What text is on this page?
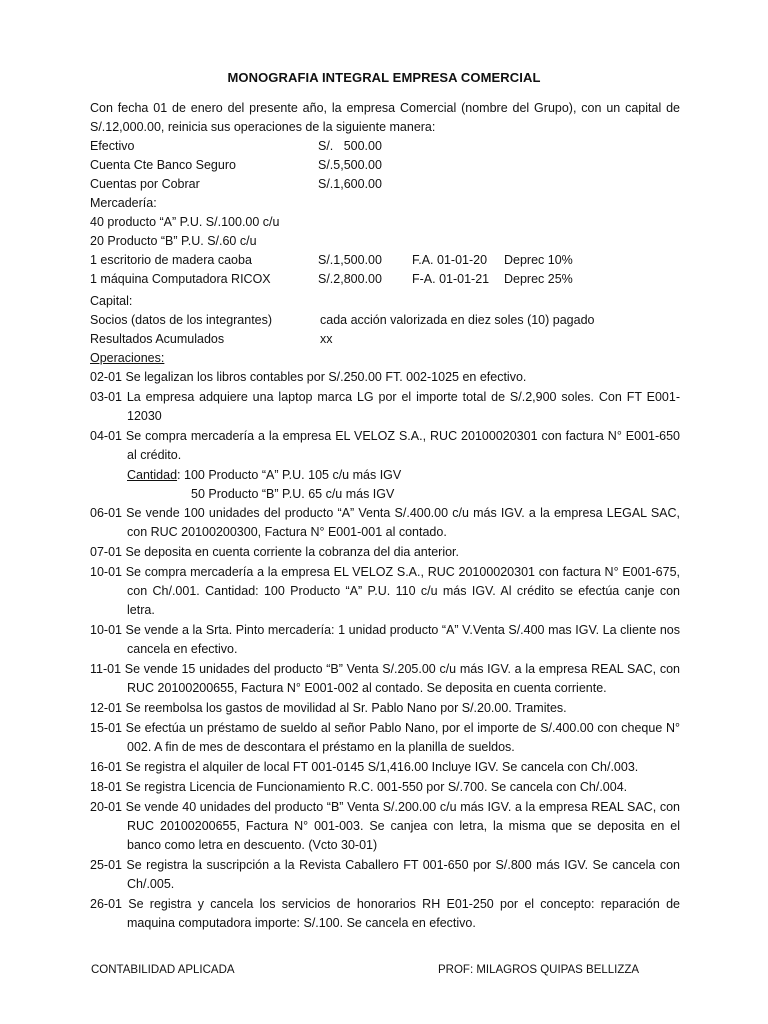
MONOGRAFIA INTEGRAL EMPRESA COMERCIAL
Con fecha 01 de enero del presente año, la empresa Comercial (nombre del Grupo), con un capital de S/.12,000.00, reinicia sus operaciones de la siguiente manera:
Efectivo	S/.   500.00
Cuenta Cte Banco Seguro	S/.5,500.00
Cuentas por Cobrar	S/.1,600.00
Mercadería:
40 producto “A” P.U. S/.100.00 c/u
20 Producto “B” P.U. S/.60 c/u
1 escritorio de madera caoba	S/.1,500.00 F.A. 01-01-20 Deprec 10%
1 máquina Computadora RICOX	S/.2,800.00 F-A. 01-01-21 Deprec 25%
Capital:
Socios (datos de los integrantes)	cada acción valorizada en diez soles (10) pagado
Resultados Acumulados	xx
Operaciones:
02-01 Se legalizan los libros contables por S/.250.00 FT. 002-1025 en efectivo.
03-01 La empresa adquiere una laptop marca LG por el importe total de S/.2,900 soles. Con FT E001-12030
04-01 Se compra mercadería a la empresa EL VELOZ S.A., RUC 20100020301 con factura N° E001-650 al crédito.
Cantidad: 100 Producto “A” P.U. 105 c/u más IGV
50 Producto “B” P.U. 65 c/u más IGV
06-01 Se vende 100 unidades del producto “A” Venta S/.400.00 c/u más IGV. a la empresa LEGAL SAC, con RUC 20100200300, Factura N° E001-001 al contado.
07-01 Se deposita en cuenta corriente la cobranza del dia anterior.
10-01 Se compra mercadería a la empresa EL VELOZ S.A., RUC 20100020301 con factura N° E001-675, con Ch/.001. Cantidad: 100 Producto “A” P.U. 110 c/u más IGV. Al crédito se efectúa canje con letra.
10-01 Se vende a la Srta. Pinto mercadería: 1 unidad producto “A” V.Venta S/.400 mas IGV. La cliente nos cancela en efectivo.
11-01 Se vende 15 unidades del producto “B” Venta S/.205.00 c/u más IGV. a la empresa REAL SAC, con RUC 20100200655, Factura N° E001-002 al contado. Se deposita en cuenta corriente.
12-01 Se reembolsa los gastos de movilidad al Sr. Pablo Nano por S/.20.00. Tramites.
15-01 Se efectúa un préstamo de sueldo al señor Pablo Nano, por el importe de S/.400.00 con cheque N° 002. A fin de mes de descontara el préstamo en la planilla de sueldos.
16-01 Se registra el alquiler de local FT 001-0145 S/1,416.00 Incluye IGV. Se cancela con Ch/.003.
18-01 Se registra Licencia de Funcionamiento R.C. 001-550 por S/.700. Se cancela con Ch/.004.
20-01 Se vende 40 unidades del producto “B” Venta S/.200.00 c/u más IGV. a la empresa REAL SAC, con RUC 20100200655, Factura N° 001-003. Se canjea con letra, la misma que se deposita en el banco como letra en descuento. (Vcto 30-01)
25-01 Se registra la suscripción a la Revista Caballero FT 001-650 por S/.800 más IGV. Se cancela con Ch/.005.
26-01 Se registra y cancela los servicios de honorarios RH E01-250 por el concepto: reparación de maquina computadora importe: S/.100. Se cancela en efectivo.
CONTABILIDAD APLICADA	PROF: MILAGROS QUIPAS BELLIZZA
